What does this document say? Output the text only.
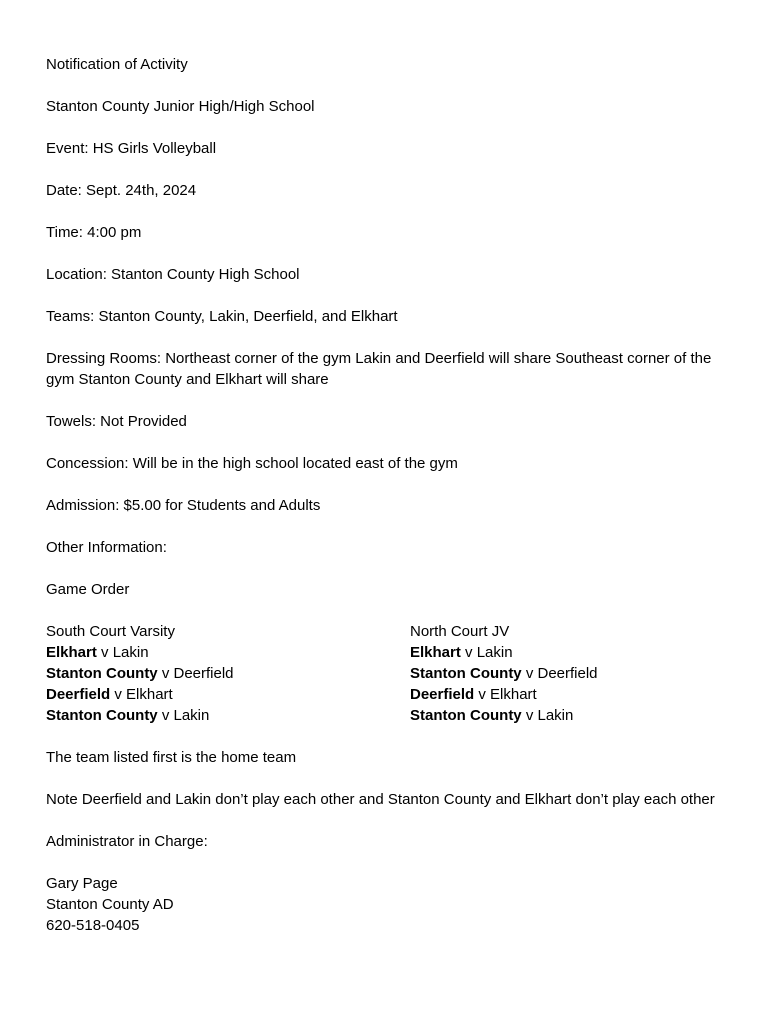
Notification of Activity

Stanton County Junior High/High School

Event: HS Girls Volleyball

Date: Sept. 24th, 2024

Time: 4:00 pm

Location: Stanton County High School

Teams: Stanton County, Lakin, Deerfield, and Elkhart

Dressing Rooms: Northeast corner of the gym Lakin and Deerfield will share Southeast corner of the gym Stanton County and Elkhart will share

Towels: Not Provided

Concession: Will be in the high school located east of the gym

Admission: $5.00 for Students and Adults

Other Information:

Game Order

South Court Varsity
Elkhart v Lakin
Stanton County v Deerfield
Deerfield v Elkhart
Stanton County v Lakin
North Court JV
Elkhart v Lakin
Stanton County v Deerfield
Deerfield v Elkhart
Stanton County v Lakin

The team listed first is the home team

Note Deerfield and Lakin don’t play each other and Stanton County and Elkhart don’t play each other

Administrator in Charge:

Gary Page
Stanton County AD
620-518-0405
